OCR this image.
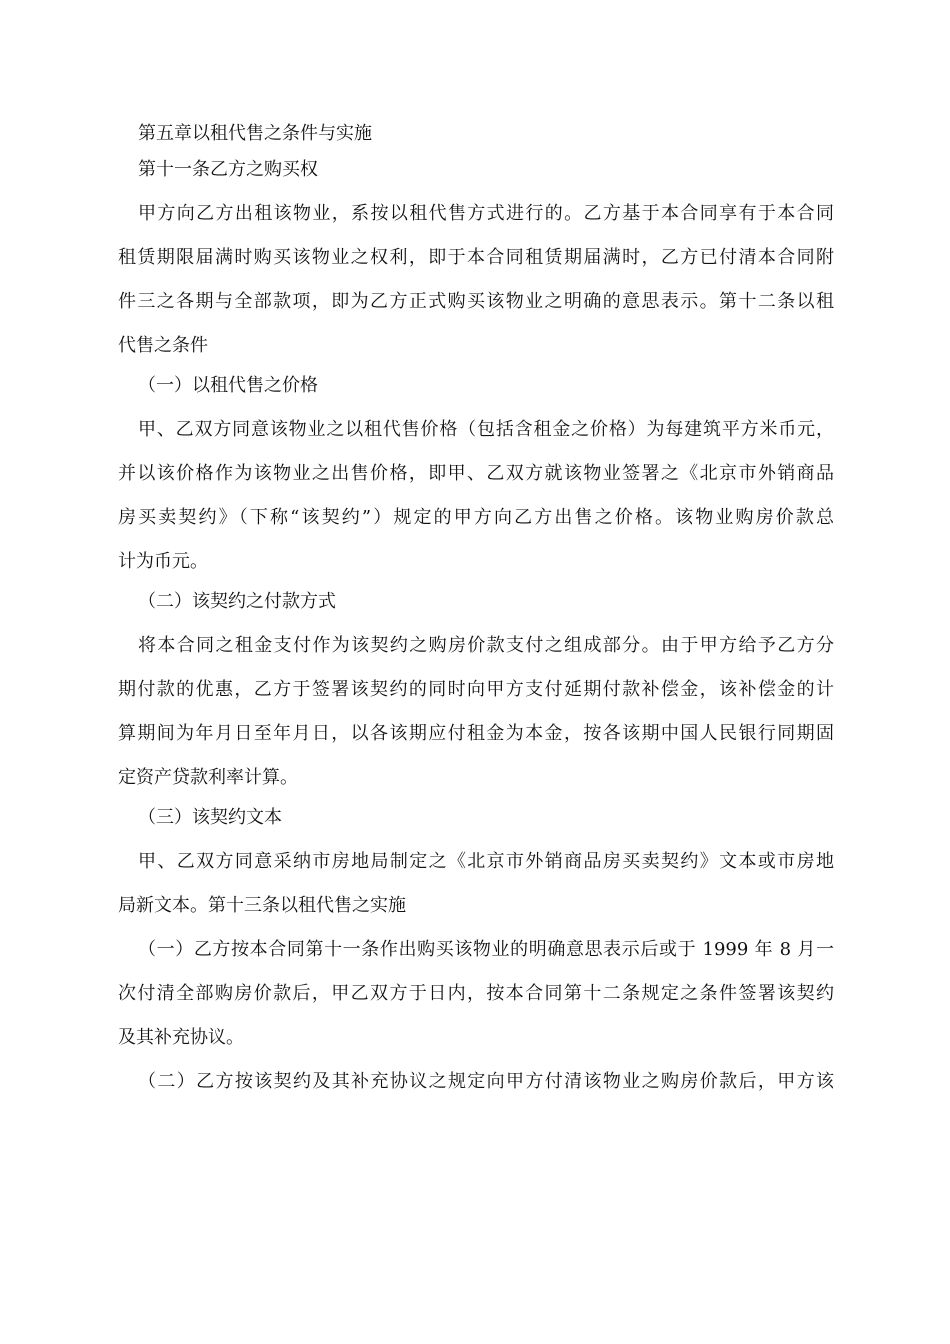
第五章以租代售之条件与实施
第十一条乙方之购买权
甲方向乙方出租该物业，系按以租代售方式进行的。乙方基于本合同享有于本合同
租赁期限届满时购买该物业之权利，即于本合同租赁期届满时，乙方已付清本合同附
件三之各期与全部款项，即为乙方正式购买该物业之明确的意思表示。第十二条以租
代售之条件
（一）以租代售之价格
甲、乙双方同意该物业之以租代售价格（包括含租金之价格）为每建筑平方米币元，
并以该价格作为该物业之出售价格，即甲、乙双方就该物业签署之《北京市外销商品
房买卖契约》（下称“该契约”）规定的甲方向乙方出售之价格。该物业购房价款总
计为币元。
（二）该契约之付款方式
将本合同之租金支付作为该契约之购房价款支付之组成部分。由于甲方给予乙方分
期付款的优惠，乙方于签署该契约的同时向甲方支付延期付款补偿金，该补偿金的计
算期间为年月日至年月日，以各该期应付租金为本金，按各该期中国人民银行同期固
定资产贷款利率计算。
（三）该契约文本
甲、乙双方同意采纳市房地局制定之《北京市外销商品房买卖契约》文本或市房地
局新文本。第十三条以租代售之实施
（一）乙方按本合同第十一条作出购买该物业的明确意思表示后或于 1999 年 8 月一
次付清全部购房价款后，甲乙双方于日内，按本合同第十二条规定之条件签署该契约
及其补充协议。
（二）乙方按该契约及其补充协议之规定向甲方付清该物业之购房价款后，甲方该
